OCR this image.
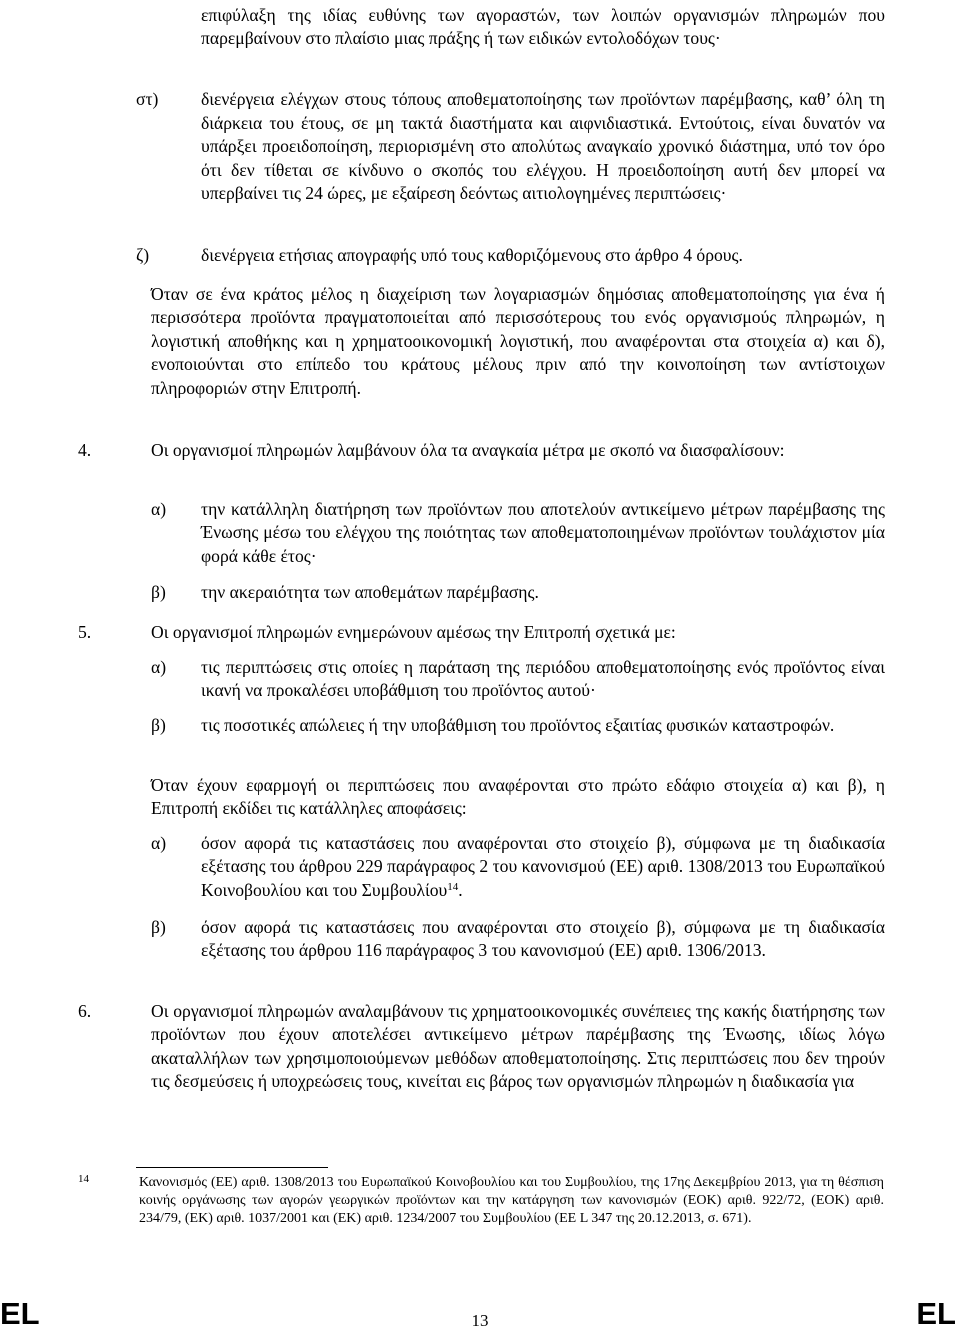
επιφύλαξη της ιδίας ευθύνης των αγοραστών, των λοιπών οργανισμών πληρωμών που παρεμβαίνουν στο πλαίσιο μιας πράξης ή των ειδικών εντολοδόχων τους·
στ) διενέργεια ελέγχων στους τόπους αποθεματοποίησης των προϊόντων παρέμβασης, καθ’ όλη τη διάρκεια του έτους, σε μη τακτά διαστήματα και αιφνιδιαστικά. Εντούτοις, είναι δυνατόν να υπάρξει προειδοποίηση, περιορισμένη στο απολύτως αναγκαίο χρονικό διάστημα, υπό τον όρο ότι δεν τίθεται σε κίνδυνο ο σκοπός του ελέγχου. Η προειδοποίηση αυτή δεν μπορεί να υπερβαίνει τις 24 ώρες, με εξαίρεση δεόντως αιτιολογημένες περιπτώσεις·
ζ)	διενέργεια ετήσιας απογραφής υπό τους καθοριζόμενους στο άρθρο 4 όρους.
Όταν σε ένα κράτος μέλος η διαχείριση των λογαριασμών δημόσιας αποθεματοποίησης για ένα ή περισσότερα προϊόντα πραγματοποιείται από περισσότερους του ενός οργανισμούς πληρωμών, η λογιστική αποθήκης και η χρηματοοικονομική λογιστική, που αναφέρονται στα στοιχεία α) και δ), ενοποιούνται στο επίπεδο του κράτους μέλους πριν από την κοινοποίηση των αντίστοιχων πληροφοριών στην Επιτροπή.
4.	Οι οργανισμοί πληρωμών λαμβάνουν όλα τα αναγκαία μέτρα με σκοπό να διασφαλίσουν:
α) την κατάλληλη διατήρηση των προϊόντων που αποτελούν αντικείμενο μέτρων παρέμβασης της Ένωσης μέσω του ελέγχου της ποιότητας των αποθεματοποιημένων προϊόντων τουλάχιστον μία φορά κάθε έτος·
β) την ακεραιότητα των αποθεμάτων παρέμβασης.
5.	Οι οργανισμοί πληρωμών ενημερώνουν αμέσως την Επιτροπή σχετικά με:
α) τις περιπτώσεις στις οποίες η παράταση της περιόδου αποθεματοποίησης ενός προϊόντος είναι ικανή να προκαλέσει υποβάθμιση του προϊόντος αυτού·
β) τις ποσοτικές απώλειες ή την υποβάθμιση του προϊόντος εξαιτίας φυσικών καταστροφών.
Όταν έχουν εφαρμογή οι περιπτώσεις που αναφέρονται στο πρώτο εδάφιο στοιχεία α) και β), η Επιτροπή εκδίδει τις κατάλληλες αποφάσεις:
α) όσον αφορά τις καταστάσεις που αναφέρονται στο στοιχείο β), σύμφωνα με τη διαδικασία εξέτασης του άρθρου 229 παράγραφος 2 του κανονισμού (ΕΕ) αριθ. 1308/2013 του Ευρωπαϊκού Κοινοβουλίου και του Συμβουλίου$^{14}$.
β) όσον αφορά τις καταστάσεις που αναφέρονται στο στοιχείο β), σύμφωνα με τη διαδικασία εξέτασης του άρθρου 116 παράγραφος 3 του κανονισμού (ΕΕ) αριθ. 1306/2013.
6.	Οι οργανισμοί πληρωμών αναλαμβάνουν τις χρηματοοικονομικές συνέπειες της κακής διατήρησης των προϊόντων που έχουν αποτελέσει αντικείμενο μέτρων παρέμβασης της Ένωσης, ιδίως λόγω ακαταλλήλων των χρησιμοποιούμενων μεθόδων αποθεματοποίησης. Στις περιπτώσεις που δεν τηρούν τις δεσμεύσεις ή υποχρεώσεις τους, κινείται εις βάρος των οργανισμών πληρωμών η διαδικασία για
14	Κανονισμός (ΕΕ) αριθ. 1308/2013 του Ευρωπαϊκού Κοινοβουλίου και του Συμβουλίου, της 17ης Δεκεμβρίου 2013, για τη θέσπιση κοινής οργάνωσης των αγορών γεωργικών προϊόντων και την κατάργηση των κανονισμών (ΕΟΚ) αριθ. 922/72, (ΕΟΚ) αριθ. 234/79, (ΕΚ) αριθ. 1037/2001 και (ΕΚ) αριθ. 1234/2007 του Συμβουλίου (ΕΕ L 347 της 20.12.2013, σ. 671).
EL	13	EL
